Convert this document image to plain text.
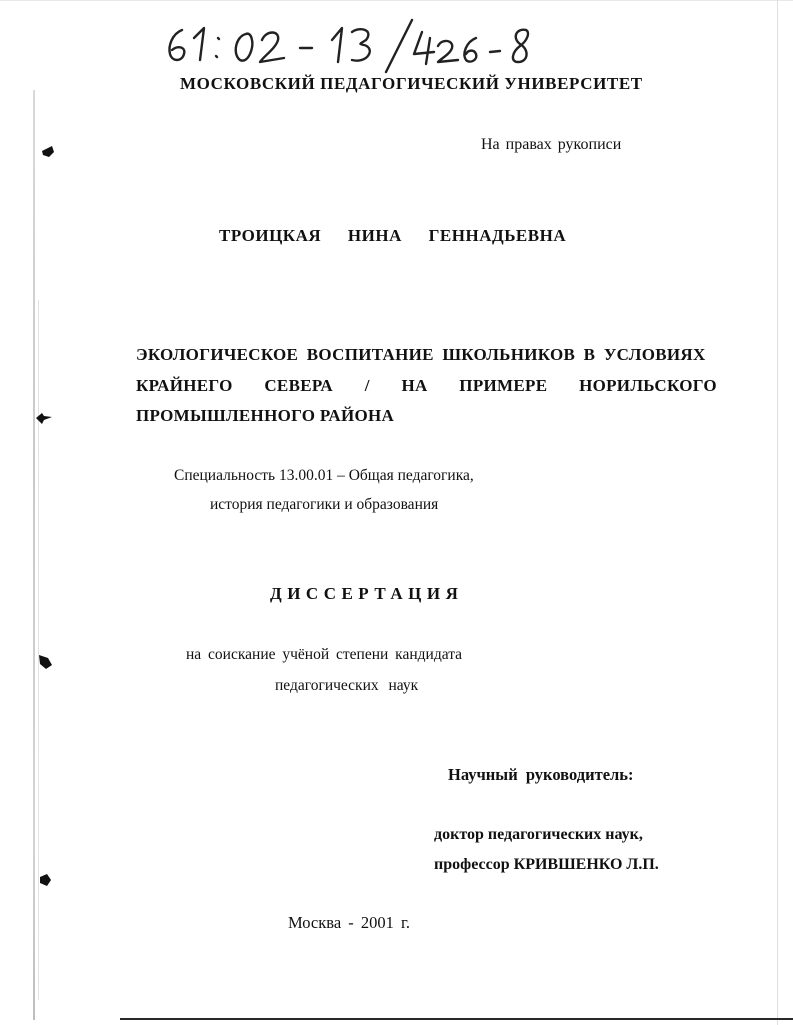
МОСКОВСКИЙ ПЕДАГОГИЧЕСКИЙ УНИВЕРСИТЕТ
На правах рукописи
ТРОИЦКАЯ НИНА ГЕННАДЬЕВНА
ЭКОЛОГИЧЕСКОЕ ВОСПИТАНИЕ ШКОЛЬНИКОВ В УСЛОВИЯХ
КРАЙНЕГО СЕВЕРА / НА ПРИМЕРЕ НОРИЛЬСКОГО
ПРОМЫШЛЕННОГО РАЙОНА
Специальность 13.00.01 – Общая педагогика,
история педагогики и образования
ДИССЕРТАЦИЯ
на соискание учёной степени кандидата
педагогических наук
Научный руководитель:
доктор педагогических наук,
профессор КРИВШЕНКО Л.П.
Москва - 2001 г.
